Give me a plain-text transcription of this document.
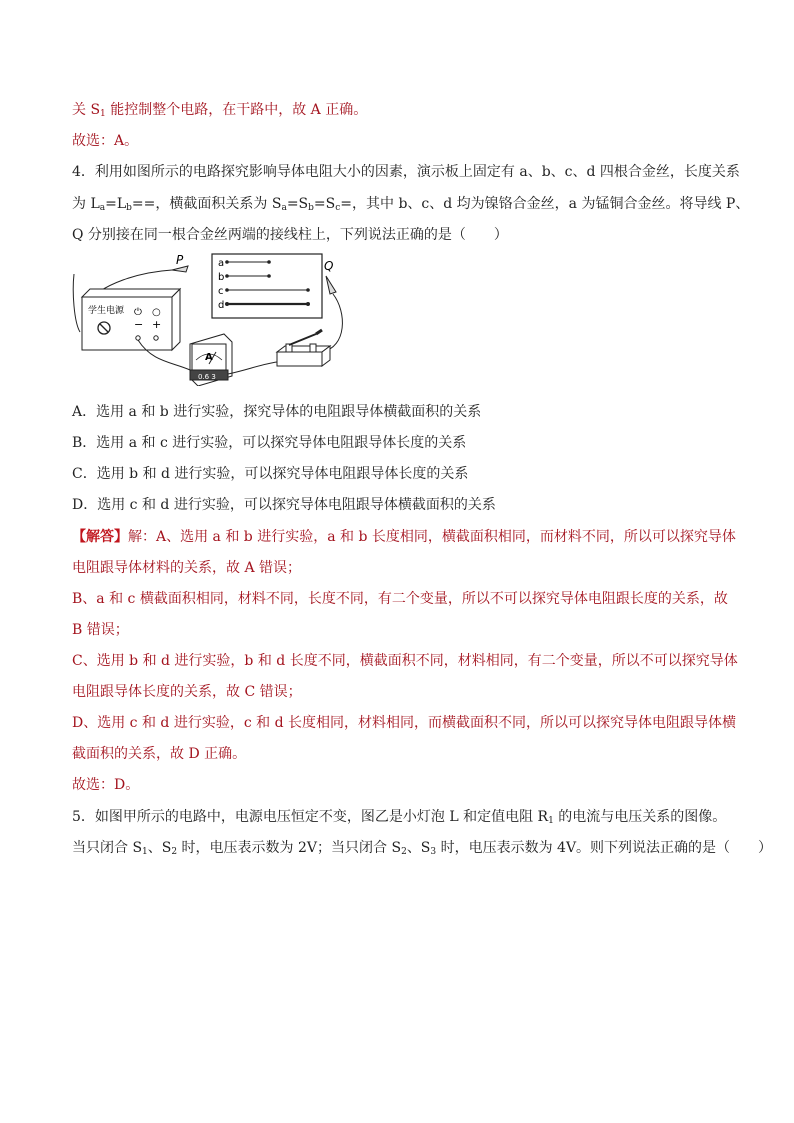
关 $S_1$ 能控制整个电路，在干路中，故 A 正确。
故选：A。
4．利用如图所示的电路探究影响导体电阻大小的因素，演示板上固定有 a、b、c、d 四根合金丝，长度关系
为 $L_a=L_b==$，横截面积关系为 $S_a=S_b=S_c=$，其中 b、c、d 均为镍铬合金丝，a 为锰铜合金丝。将导线 P、
Q 分别接在同一根合金丝两端的接线柱上，下列说法正确的是（　　）
P
学生电源 ⏻ ○
− +
a
b
c
d
Q
A
0.6 3
A．选用 a 和 b 进行实验，探究导体的电阻跟导体横截面积的关系
B．选用 a 和 c 进行实验，可以探究导体电阻跟导体长度的关系
C．选用 b 和 d 进行实验，可以探究导体电阻跟导体长度的关系
D．选用 c 和 d 进行实验，可以探究导体电阻跟导体横截面积的关系
【解答】解：A、选用 a 和 b 进行实验，a 和 b 长度相同，横截面积相同，而材料不同，所以可以探究导体
电阻跟导体材料的关系，故 A 错误；
B、a 和 c 横截面积相同，材料不同，长度不同，有二个变量，所以不可以探究导体电阻跟长度的关系，故
B 错误；
C、选用 b 和 d 进行实验，b 和 d 长度不同，横截面积不同，材料相同，有二个变量，所以不可以探究导体
电阻跟导体长度的关系，故 C 错误；
D、选用 c 和 d 进行实验，c 和 d 长度相同，材料相同，而横截面积不同，所以可以探究导体电阻跟导体横
截面积的关系，故 D 正确。
故选：D。
5．如图甲所示的电路中，电源电压恒定不变，图乙是小灯泡 L 和定值电阻 $R_1$ 的电流与电压关系的图像。
当只闭合 $S_1$、$S_2$ 时，电压表示数为 2V；当只闭合 $S_2$、$S_3$ 时，电压表示数为 4V。则下列说法正确的是（　　）
